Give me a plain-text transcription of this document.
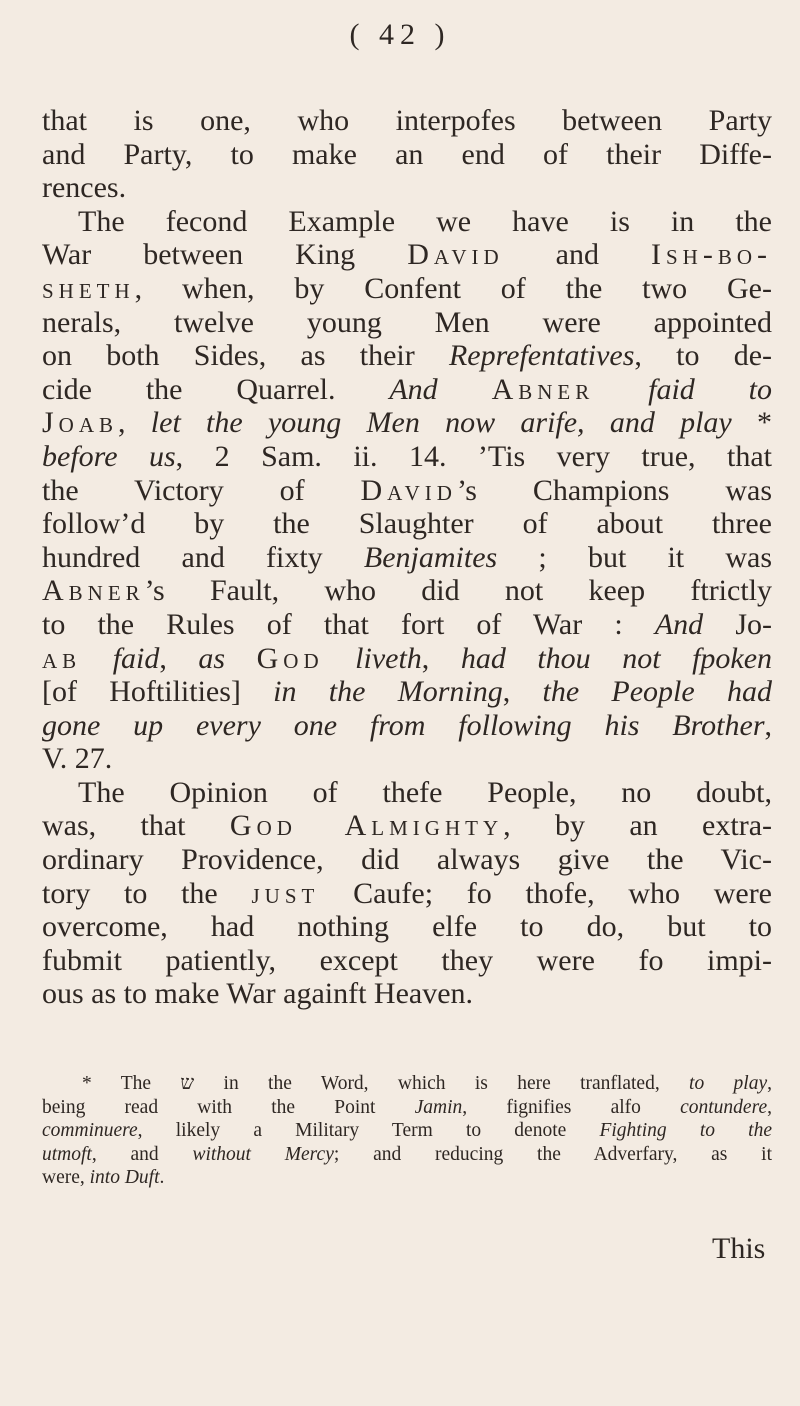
( 42 )
that is one, who interpofes between Party
and Party, to make an end of their Diffe-
rences.
The fecond Example we have is in the
War between King David and Ish-bo-
sheth, when, by Confent of the two Ge-
nerals, twelve young Men were appointed
on both Sides, as their Reprefentatives, to de-
cide the Quarrel. And Abner faid to
Joab, let the young Men now arife, and play *
before us, 2 Sam. ii. 14. ’Tis very true, that
the Victory of David’s Champions was
follow’d by the Slaughter of about three
hundred and fixty Benjamites ; but it was
Abner’s Fault, who did not keep ftrictly
to the Rules of that fort of War : And Jo-
ab faid, as God liveth, had thou not fpoken
[of Hoftilities] in the Morning, the People had
gone up every one from following his Brother,
V. 27.
The Opinion of thefe People, no doubt,
was, that God Almighty, by an extra-
ordinary Providence, did always give the Vic-
tory to the just Caufe; fo thofe, who were
overcome, had nothing elfe to do, but to
fubmit patiently, except they were fo impi-
ous as to make War againft Heaven.
* The ש in the Word, which is here tranflated, to play,
being read with the Point Jamin, fignifies alfo contundere,
comminuere, likely a Military Term to denote Fighting to the
utmoft, and without Mercy; and reducing the Adverfary, as it
were, into Duft.
This
